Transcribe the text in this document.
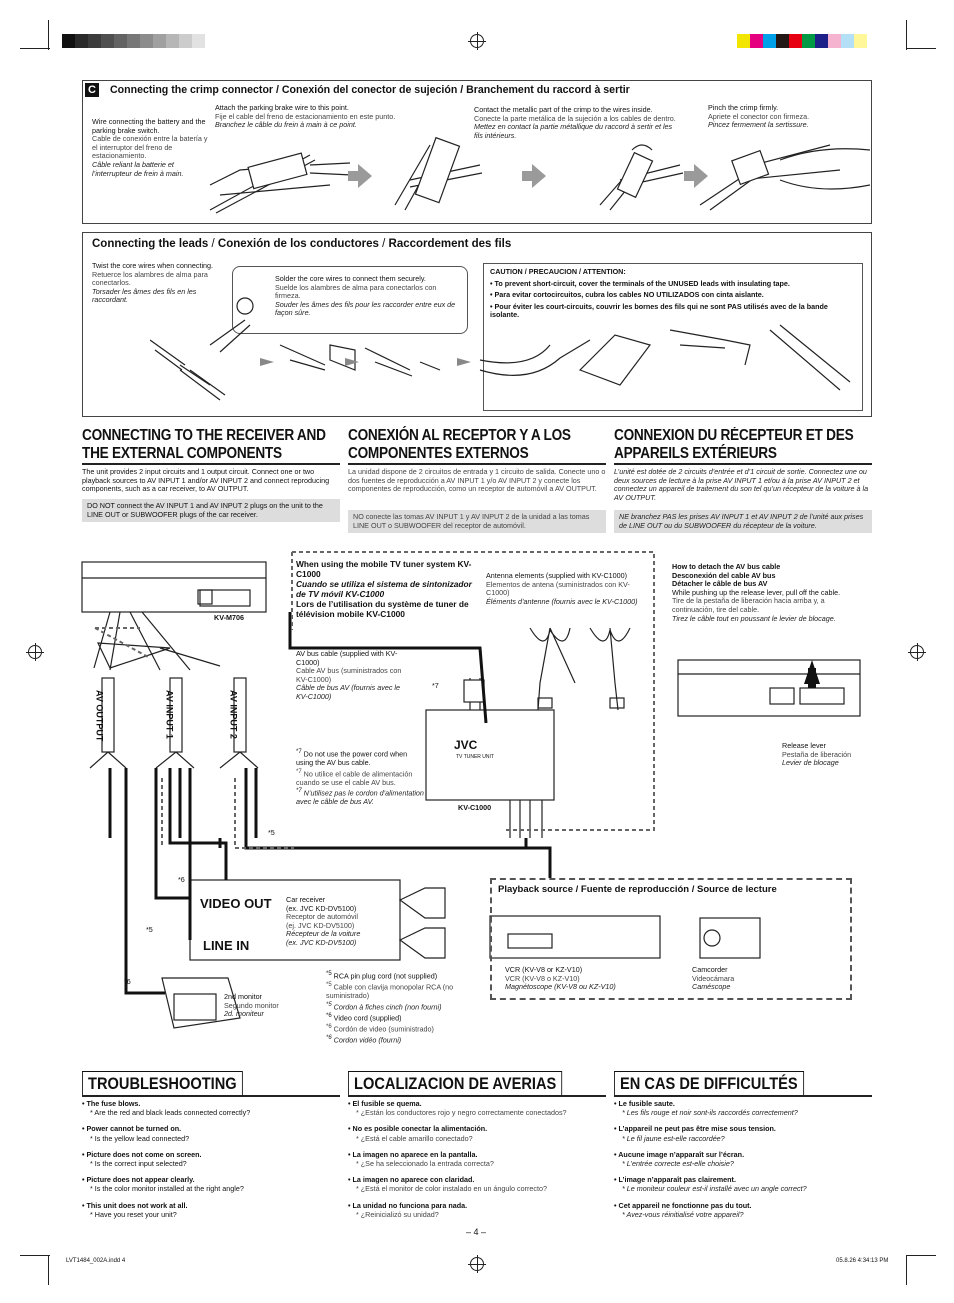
C Connecting the crimp connector / Conexión del conector de sujeción / Branchement du raccord à sertir
Wire connecting the battery and the parking brake switch.
Cable de conexión entre la batería y el interruptor del freno de estacionamiento.
Câble reliant la batterie et l’interrupteur de frein à main.
Attach the parking brake wire to this point.
Fije el cable del freno de estacionamiento en este punto.
Branchez le câble du frein à main à ce point.
Contact the metallic part of the crimp to the wires inside.
Conecte la parte metálica de la sujeción a los cables de dentro.
Mettez en contact la partie métallique du raccord à sertir et les fils intérieurs.
Pinch the crimp firmly.
Apriete el conector con firmeza.
Pincez fermement la sertissure.
Connecting the leads / Conexión de los conductores / Raccordement des fils
Twist the core wires when connecting.
Retuerce los alambres de alma para conectarlos.
Torsader les âmes des fils en les raccordant.
Solder the core wires to connect them securely.
Suelde los alambres de alma para conectarlos con firmeza.
Souder les âmes des fils pour les raccorder entre eux de façon sûre.
CAUTION / PRECAUCION / ATTENTION:
• To prevent short-circuit, cover the terminals of the UNUSED leads with insulating tape.
• Para evitar cortocircuitos, cubra los cables NO UTILIZADOS con cinta aislante.
• Pour éviter les court-circuits, couvrir les bornes des fils qui ne sont PAS utilisés avec de la bande isolante.
CONNECTING TO THE RECEIVER AND THE EXTERNAL COMPONENTS
CONEXIÓN AL RECEPTOR Y A LOS COMPONENTES EXTERNOS
CONNEXION DU RÉCEPTEUR ET DES APPAREILS EXTÉRIEURS
The unit provides 2 input circuits and 1 output circuit. Connect one or two playback sources to AV INPUT 1 and/or AV INPUT 2 and connect reproducing components, such as a car receiver, to AV OUTPUT.
La unidad dispone de 2 circuitos de entrada y 1 circuito de salida. Conecte uno o dos fuentes de reproducción a AV INPUT 1 y/o AV INPUT 2 y conecte los componentes de reproducción, como un receptor de automóvil a AV OUTPUT.
L’unité est dotée de 2 circuits d’entrée et d’1 circuit de sortie. Connectez une ou deux sources de lecture à la prise AV INPUT 1 et/ou à la prise AV INPUT 2 et connectez un appareil de traitement du son tel qu’un récepteur de la voiture à la AV OUTPUT.
DO NOT connect the AV INPUT 1 and AV INPUT 2 plugs on the unit to the LINE OUT or SUBWOOFER plugs of the car receiver.	NO conecte las tomas AV INPUT 1 y AV INPUT 2 de la unidad a las tomas LINE OUT o SUBWOOFER del receptor de automóvil.
NE branchez PAS les prises AV INPUT 1 et AV INPUT 2 de l’unité aux prises de LINE OUT ou du SUBWOOFER du récepteur de la voiture.
KV-M706
AV OUTPUT	AV INPUT 1	AV INPUT 2
When using the mobile TV tuner system KV-C1000
Cuando se utiliza el sistema de sintonizador de TV móvil KV-C1000
Lors de l’utilisation du système de tuner de télévision mobile KV-C1000
AV bus cable (supplied with KV-C1000)
Cable AV bus (suministrados con KV-C1000)
Câble de bus AV (fournis avec le KV-C1000)
Antenna elements (supplied with KV-C1000)
Elementos de antena (suministrados con KV-C1000)
Éléments d’antenne (fournis avec le KV-C1000)
*7
$^{*7}$ Do not use the power cord when using the AV bus cable.
$^{*7}$ No utilice el cable de alimentación cuando se use el cable AV bus.
$^{*7}$ N’utilisez pas le cordon d’alimentation avec le câble de bus AV.
JVC
TV TUNER UNIT
KV-C1000
How to detach the AV bus cable
Desconexión del cable AV bus
Détacher le câble de bus AV
While pushing up the release lever, pull off the cable.
Tire de la pestaña de liberación hacia arriba y, a continuación, tire del cable.
Tirez le câble tout en poussant le levier de blocage.
Release lever
Pestaña de liberación
Levier de blocage
*5
*6
*5
*6
VIDEO OUT
LINE IN
Car receiver
(ex. JVC KD-DV5100)
Receptor de automóvil
(ej. JVC KD-DV5100)
Récepteur de la voiture
(ex. JVC KD-DV5100)
2nd monitor
Segundo monitor
2d. moniteur
$^{*5}$ RCA pin plug cord (not supplied)
$^{*5}$ Cable con clavija monopolar RCA (no suministrado)
$^{*5}$ Cordon à fiches cinch (non fourni)
$^{*6}$ Video cord (supplied)
$^{*6}$ Cordón de video (suministrado)
$^{*6}$ Cordon vidéo (fourni)
Playback source / Fuente de reproducción / Source de lecture
VCR (KV-V8 or KZ-V10)
VCR (KV-V8 o KZ-V10)
Magnétoscope (KV-V8 ou KZ-V10)
Camcorder
Videocámara
Caméscope
TROUBLESHOOTING	LOCALIZACION DE AVERIAS	EN CAS DE DIFFICULTÉS
• The fuse blows.
* Are the red and black leads connected correctly?
• Power cannot be turned on.
* Is the yellow lead connected?
• Picture does not come on screen.
* Is the correct input selected?
• Picture does not appear clearly.
* Is the color monitor installed at the right angle?
• This unit does not work at all.
* Have you reset your unit?
• El fusible se quema.
* ¿Están los conductores rojo y negro correctamente conectados?
• No es posible conectar la alimentación.
* ¿Está el cable amarillo conectado?
• La imagen no aparece en la pantalla.
* ¿Se ha seleccionado la entrada correcta?
• La imagen no aparece con claridad.
* ¿Está el monitor de color instalado en un ángulo correcto?
• La unidad no funciona para nada.
* ¿Reinicializó su unidad?
• Le fusible saute.
* Les fils rouge et noir sont-ils raccordés correctement?
• L’appareil ne peut pas être mise sous tension.
* Le fil jaune est-elle raccordée?
• Aucune image n’apparaît sur l’écran.
* L’entrée correcte est-elle choisie?
• L’image n’apparaît pas clairement.
* Le moniteur couleur est-il installé avec un angle correct?
• Cet appareil ne fonctionne pas du tout.
* Avez-vous réinitialisé votre appareil?
– 4 –
LVT1484_002A.indd 4	05.8.26 4:34:13 PM
